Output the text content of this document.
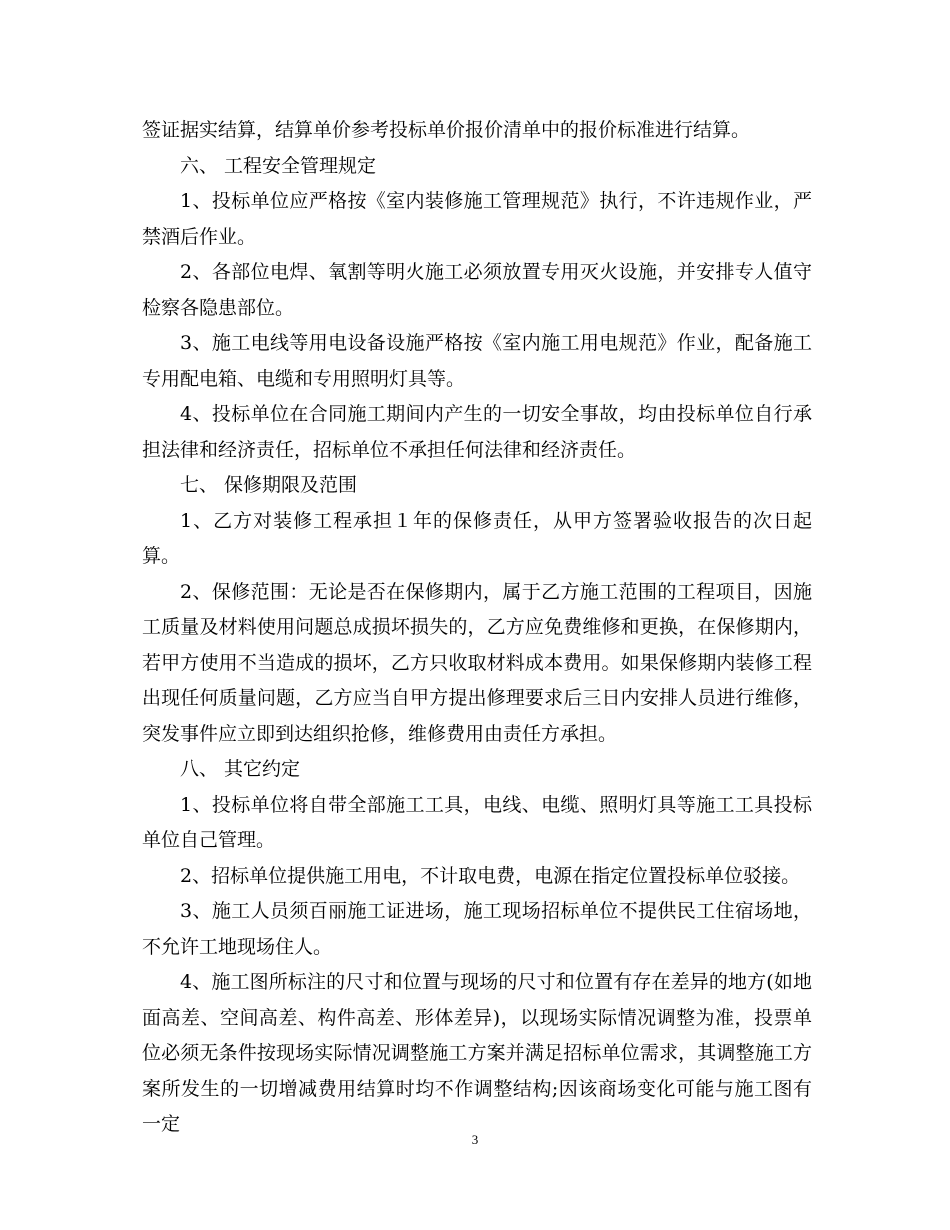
签证据实结算，结算单价参考投标单价报价清单中的报价标准进行结算。

六、 工程安全管理规定

1、投标单位应严格按《室内装修施工管理规范》执行，不许违规作业，严禁酒后作业。

2、各部位电焊、氧割等明火施工必须放置专用灭火设施，并安排专人值守检察各隐患部位。

3、施工电线等用电设备设施严格按《室内施工用电规范》作业，配备施工专用配电箱、电缆和专用照明灯具等。

4、投标单位在合同施工期间内产生的一切安全事故，均由投标单位自行承担法律和经济责任，招标单位不承担任何法律和经济责任。

七、 保修期限及范围

1、乙方对装修工程承担１年的保修责任，从甲方签署验收报告的次日起算。

2、保修范围：无论是否在保修期内，属于乙方施工范围的工程项目，因施工质量及材料使用问题总成损坏损失的，乙方应免费维修和更换，在保修期内，若甲方使用不当造成的损坏，乙方只收取材料成本费用。如果保修期内装修工程出现任何质量问题，乙方应当自甲方提出修理要求后三日内安排人员进行维修，突发事件应立即到达组织抢修，维修费用由责任方承担。

八、 其它约定

1、投标单位将自带全部施工工具，电线、电缆、照明灯具等施工工具投标单位自己管理。

2、招标单位提供施工用电，不计取电费，电源在指定位置投标单位驳接。

3、施工人员须百丽施工证进场，施工现场招标单位不提供民工住宿场地，不允许工地现场住人。

4、施工图所标注的尺寸和位置与现场的尺寸和位置有存在差异的地方(如地面高差、空间高差、构件高差、形体差异)，以现场实际情况调整为准，投票单位必须无条件按现场实际情况调整施工方案并满足招标单位需求，其调整施工方案所发生的一切增减费用结算时均不作调整结构;因该商场变化可能与施工图有一定

3
